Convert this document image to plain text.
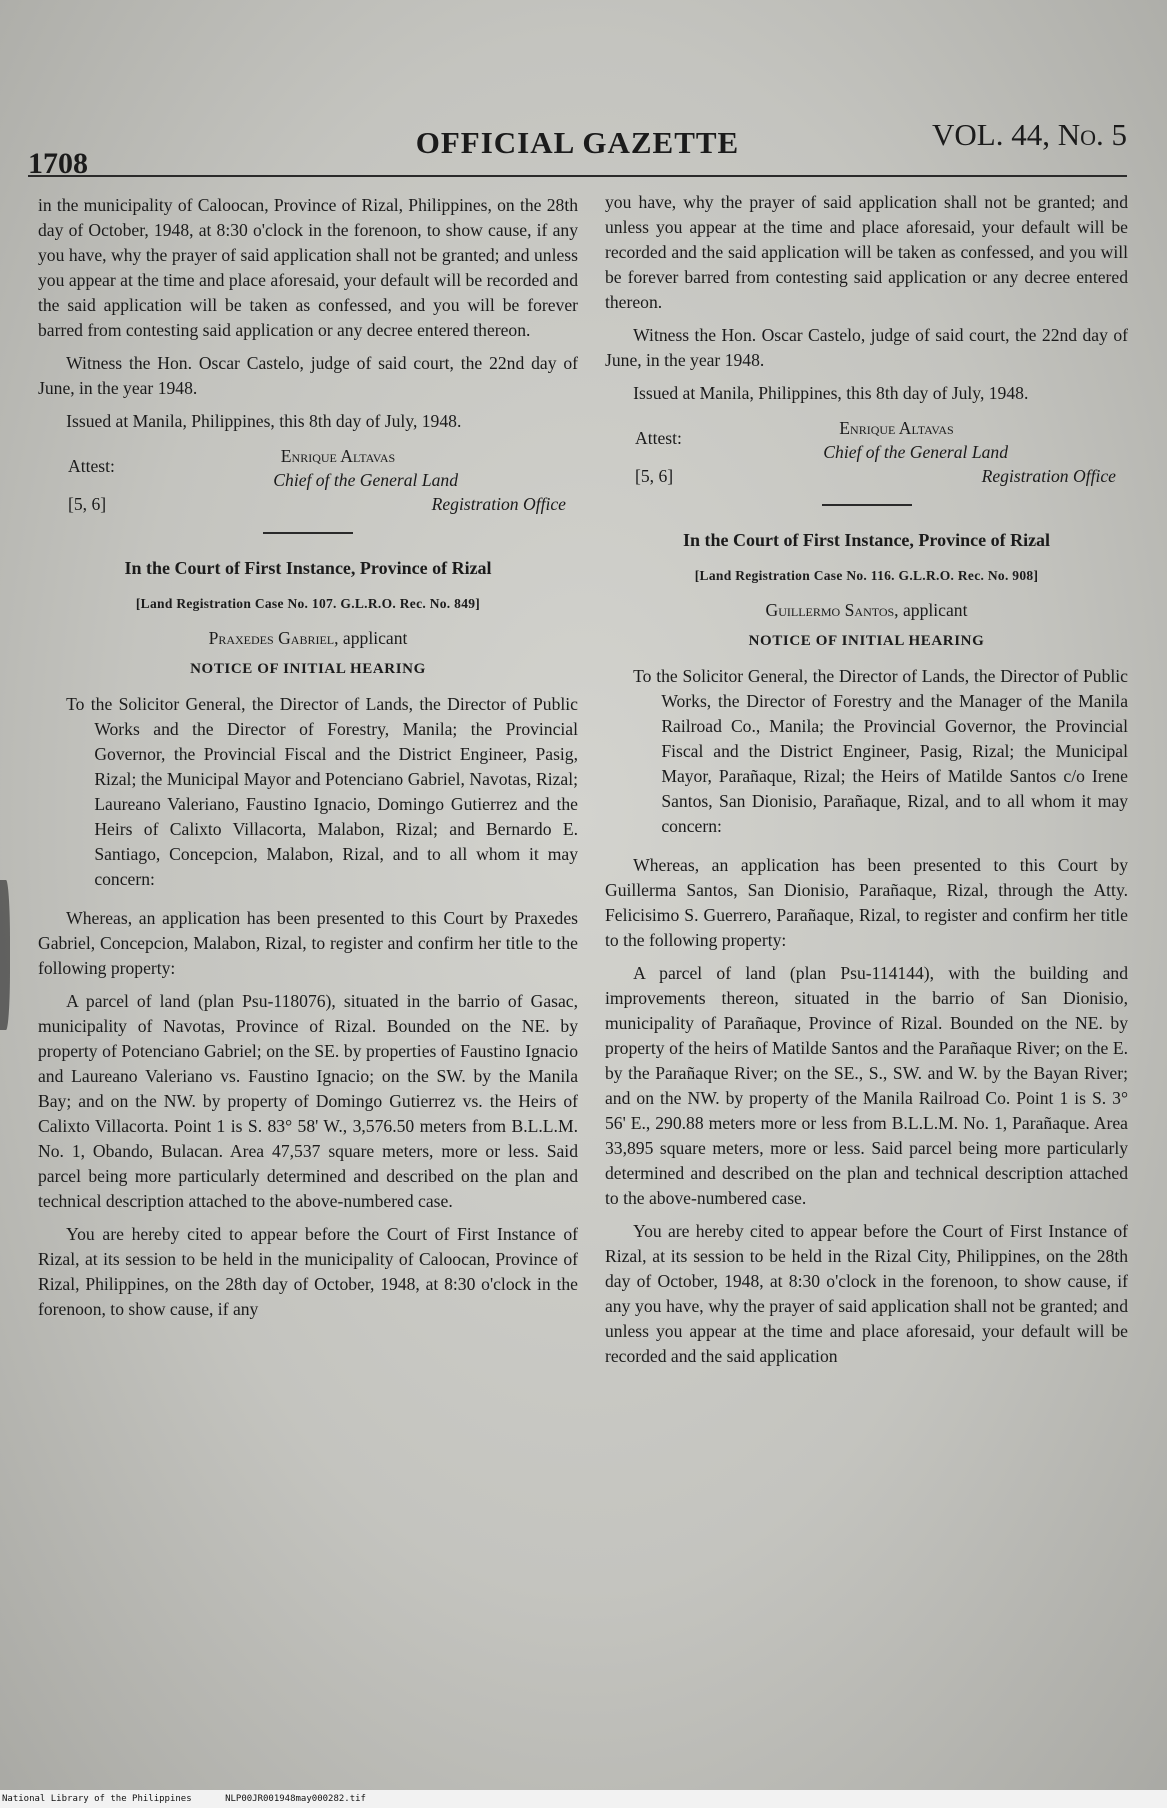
1708
OFFICIAL GAZETTE	VOL. 44, No. 5

in the municipality of Caloocan, Province of Rizal, Philippines, on the 28th day of October, 1948, at 8:30 o'clock in the forenoon, to show cause, if any you have, why the prayer of said application shall not be granted; and unless you appear at the time and place aforesaid, your default will be recorded and the said application will be taken as confessed, and you will be forever barred from contesting said application or any decree entered thereon.

Witness the Hon. Oscar Castelo, judge of said court, the 22nd day of June, in the year 1948.

Issued at Manila, Philippines, this 8th day of July, 1948.

Attest:	Enrique Altavas
Chief of the General Land
Registration Office
[5, 6]
In the Court of First Instance, Province of Rizal
[Land Registration Case No. 107. G.L.R.O. Rec. No. 849]
Praxedes Gabriel, applicant
NOTICE OF INITIAL HEARING

To the Solicitor General, the Director of Lands, the Director of Public Works and the Director of Forestry, Manila; the Provincial Governor, the Provincial Fiscal and the District Engineer, Pasig, Rizal; the Municipal Mayor and Potenciano Gabriel, Navotas, Rizal; Laureano Valeriano, Faustino Ignacio, Domingo Gutierrez and the Heirs of Calixto Villacorta, Malabon, Rizal; and Bernardo E. Santiago, Concepcion, Malabon, Rizal, and to all whom it may concern:

Whereas, an application has been presented to this Court by Praxedes Gabriel, Concepcion, Malabon, Rizal, to register and confirm her title to the following property:

A parcel of land (plan Psu-118076), situated in the barrio of Gasac, municipality of Navotas, Province of Rizal. Bounded on the NE. by property of Potenciano Gabriel; on the SE. by properties of Faustino Ignacio and Laureano Valeriano vs. Faustino Ignacio; on the SW. by the Manila Bay; and on the NW. by property of Domingo Gutierrez vs. the Heirs of Calixto Villacorta. Point 1 is S. 83° 58' W., 3,576.50 meters from B.L.L.M. No. 1, Obando, Bulacan. Area 47,537 square meters, more or less. Said parcel being more particularly determined and described on the plan and technical description attached to the above-numbered case.

You are hereby cited to appear before the Court of First Instance of Rizal, at its session to be held in the municipality of Caloocan, Province of Rizal, Philippines, on the 28th day of October, 1948, at 8:30 o'clock in the forenoon, to show cause, if any

you have, why the prayer of said application shall not be granted; and unless you appear at the time and place aforesaid, your default will be recorded and the said application will be taken as confessed, and you will be forever barred from contesting said application or any decree entered thereon.

Witness the Hon. Oscar Castelo, judge of said court, the 22nd day of June, in the year 1948.

Issued at Manila, Philippines, this 8th day of July, 1948.

Attest:	Enrique Altavas
Chief of the General Land
Registration Office
[5, 6]
In the Court of First Instance, Province of Rizal
[Land Registration Case No. 116. G.L.R.O. Rec. No. 908]
Guillermo Santos, applicant
NOTICE OF INITIAL HEARING

To the Solicitor General, the Director of Lands, the Director of Public Works, the Director of Forestry and the Manager of the Manila Railroad Co., Manila; the Provincial Governor, the Provincial Fiscal and the District Engineer, Pasig, Rizal; the Municipal Mayor, Parañaque, Rizal; the Heirs of Matilde Santos c/o Irene Santos, San Dionisio, Parañaque, Rizal, and to all whom it may concern:

Whereas, an application has been presented to this Court by Guillerma Santos, San Dionisio, Parañaque, Rizal, through the Atty. Felicisimo S. Guerrero, Parañaque, Rizal, to register and confirm her title to the following property:

A parcel of land (plan Psu-114144), with the building and improvements thereon, situated in the barrio of San Dionisio, municipality of Parañaque, Province of Rizal. Bounded on the NE. by property of the heirs of Matilde Santos and the Parañaque River; on the E. by the Parañaque River; on the SE., S., SW. and W. by the Bayan River; and on the NW. by property of the Manila Railroad Co. Point 1 is S. 3° 56' E., 290.88 meters more or less from B.L.L.M. No. 1, Parañaque. Area 33,895 square meters, more or less. Said parcel being more particularly determined and described on the plan and technical description attached to the above-numbered case.

You are hereby cited to appear before the Court of First Instance of Rizal, at its session to be held in the Rizal City, Philippines, on the 28th day of October, 1948, at 8:30 o'clock in the forenoon, to show cause, if any you have, why the prayer of said application shall not be granted; and unless you appear at the time and place aforesaid, your default will be recorded and the said application

National Library of the Philippines	NLP00JR001948may000282.tif
